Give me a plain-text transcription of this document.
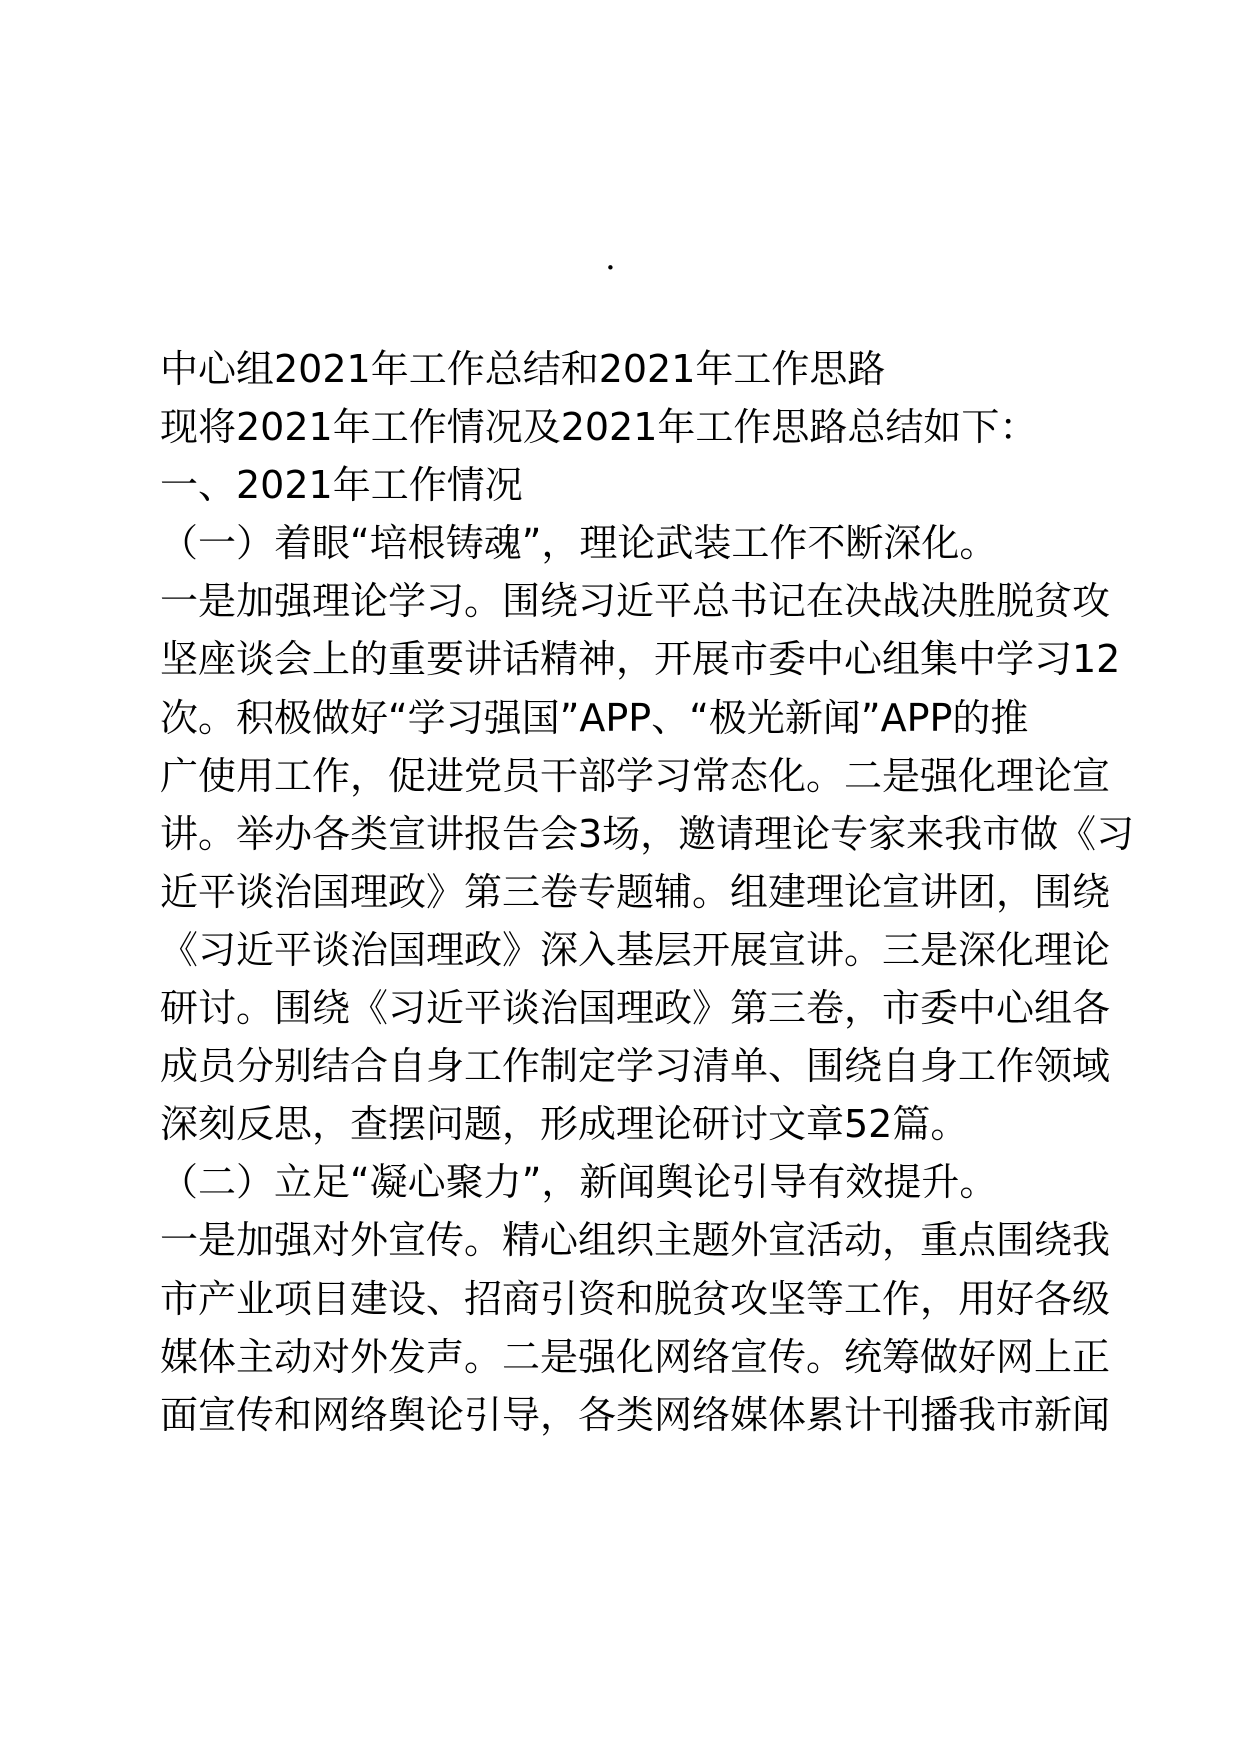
.
中心组2021年工作总结和2021年工作思路
现将2021年工作情况及2021年工作思路总结如下：
一、2021年工作情况
（一）着眼“培根铸魂”，理论武装工作不断深化。
一是加强理论学习。围绕习近平总书记在决战决胜脱贫攻
坚座谈会上的重要讲话精神，开展市委中心组集中学习12
次。积极做好“学习强国”APP、“极光新闻”APP的推
广使用工作，促进党员干部学习常态化。二是强化理论宣
讲。举办各类宣讲报告会3场，邀请理论专家来我市做《习
近平谈治国理政》第三卷专题辅。组建理论宣讲团，围绕
《习近平谈治国理政》深入基层开展宣讲。三是深化理论
研讨。围绕《习近平谈治国理政》第三卷，市委中心组各
成员分别结合自身工作制定学习清单、围绕自身工作领域
深刻反思，查摆问题，形成理论研讨文章52篇。
（二）立足“凝心聚力”，新闻舆论引导有效提升。
一是加强对外宣传。精心组织主题外宣活动，重点围绕我
市产业项目建设、招商引资和脱贫攻坚等工作，用好各级
媒体主动对外发声。二是强化网络宣传。统筹做好网上正
面宣传和网络舆论引导，各类网络媒体累计刊播我市新闻
